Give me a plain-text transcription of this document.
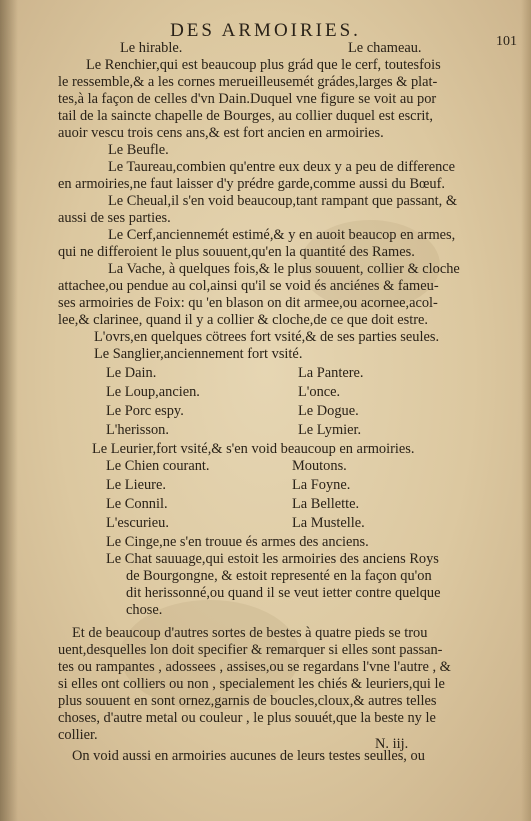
DES ARMOIRIES.
101
Le hirable.	Le chameau.
Le Renchier,qui est beaucoup plus grád que le cerf, toutesfois
le ressemble,& a les cornes merueilleusemét grádes,larges & plat-
tes,à la façon de celles d'vn Dain.Duquel vne figure se voit au por
tail de la saincte chapelle de Bourges, au collier duquel est escrit,
auoir vescu trois cens ans,& est fort ancien en armoiries.
Le Beufle.
Le Taureau,combien qu'entre eux deux y a peu de difference
en armoiries,ne faut laisser d'y prédre garde,comme aussi du Bœuf.
Le Cheual,il s'en void beaucoup,tant rampant que passant, &
aussi de ses parties.
Le Cerf,anciennemét estimé,& y en auoit beaucop en armes,
qui ne differoient le plus souuent,qu'en la quantité des Rames.
La Vache, à quelques fois,& le plus souuent, collier & cloche
attachee,ou pendue au col,ainsi qu'il se void és anciénes & fameu-
ses armoiries de Foix: qu 'en blason on dit armee,ou acornee,acol-
lee,& clarinee, quand il y a collier & cloche,de ce que doit estre.
L'ovrs,en quelques cötrees fort vsité,& de ses parties seules.
Le Sanglier,anciennement fort vsité.
Le Dain.	La Pantere.
Le Loup,ancien.	L'once.
Le Porc espy.	Le Dogue.
L'herisson.	Le Lymier.
Le Leurier,fort vsité,& s'en void beaucoup en armoiries.
Le Chien courant.	Moutons.
Le Lieure.	La Foyne.
Le Connil.	La Bellette.
L'escurieu.	La Mustelle.
Le Cinge,ne s'en trouue és armes des anciens.
Le Chat sauuage,qui estoit les armoiries des anciens Roys
de Bourgongne, & estoit representé en la façon qu'on
dit herissonné,ou quand il se veut ietter contre quelque
chose.
Et de beaucoup d'autres sortes de bestes à quatre pieds se trou
uent,desquelles lon doit specifier & remarquer si elles sont passan-
tes ou rampantes , adossees , assises,ou se regardans l'vne l'autre , &
si elles ont colliers ou non , specialement les chiés & leuriers,qui le
plus souuent en sont ornez,garnis de boucles,cloux,& autres telles
choses, d'autre metal ou couleur , le plus souuét,que la beste ny le
collier.
On void aussi en armoiries aucunes de leurs testes seulles, ou
N. iij.
